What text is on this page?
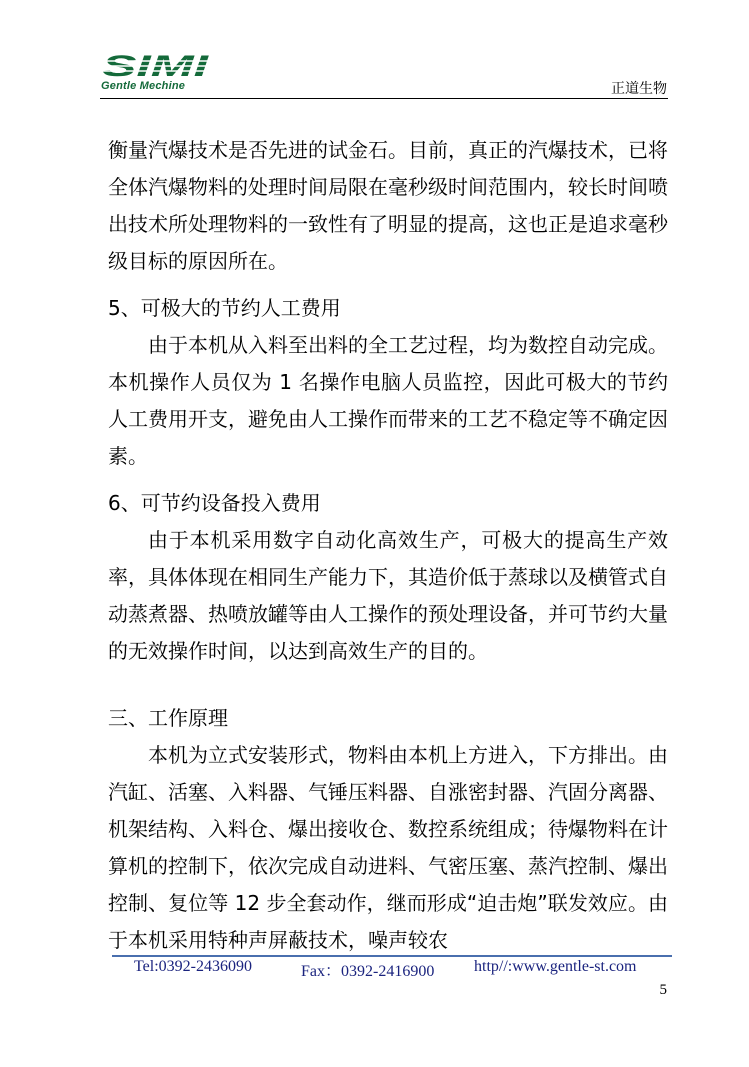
SIMI
Gentle Mechine	正道生物

衡量汽爆技术是否先进的试金石。目前，真正的汽爆技术，已将全体汽爆物料的处理时间局限在毫秒级时间范围内，较长时间喷出技术所处理物料的一致性有了明显的提高，这也正是追求毫秒级目标的原因所在。

5、可极大的节约人工费用

由于本机从入料至出料的全工艺过程，均为数控自动完成。本机操作人员仅为 1 名操作电脑人员监控，因此可极大的节约人工费用开支，避免由人工操作而带来的工艺不稳定等不确定因素。

6、可节约设备投入费用

由于本机采用数字自动化高效生产，可极大的提高生产效率，具体体现在相同生产能力下，其造价低于蒸球以及横管式自动蒸煮器、热喷放罐等由人工操作的预处理设备，并可节约大量的无效操作时间，以达到高效生产的目的。

三、工作原理

本机为立式安装形式，物料由本机上方进入，下方排出。由汽缸、活塞、入料器、气锤压料器、自涨密封器、汽固分离器、机架结构、入料仓、爆出接收仓、数控系统组成；待爆物料在计算机的控制下，依次完成自动进料、气密压塞、蒸汽控制、爆出控制、复位等 12 步全套动作，继而形成“迫击炮”联发效应。由于本机采用特种声屏蔽技术，噪声较农

Tel:0392-2436090	Fax：0392-2416900 http//:www.gentle-st.com
5
